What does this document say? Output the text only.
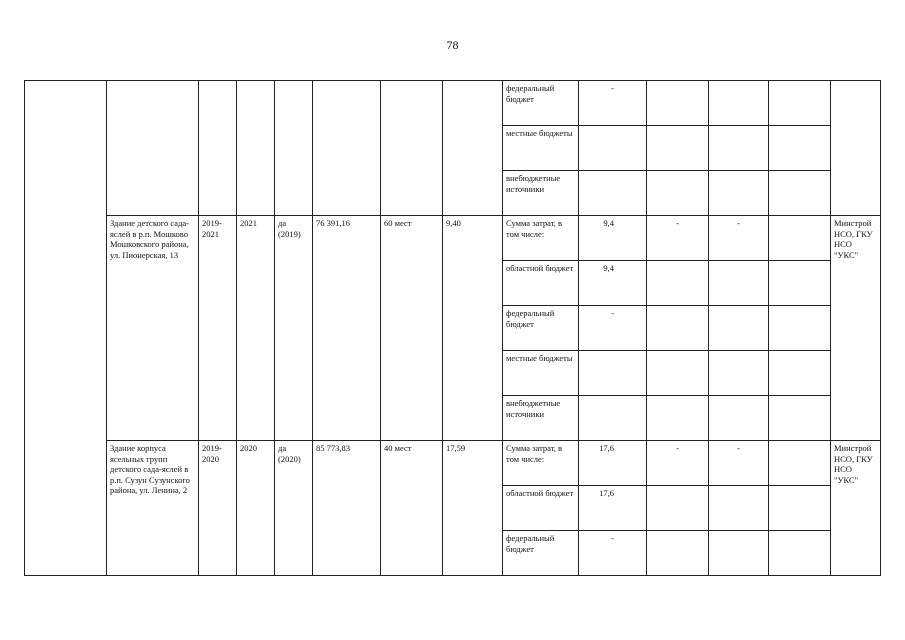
78
								федеральный бюджет	-				
								местные бюджеты					
								внебюджетные источники					
	Здание детского сада-яслей в р.п. Мошково Мошковского района, ул. Пионерская, 13	2019-2021	2021	да (2019)	76 391,16	60 мест	9,40	Сумма затрат, в том числе:	9,4	-	-		Минстрой НСО, ГКУ НСО "УКС"
								областной бюджет	9,4				
								федеральный бюджет	-				
								местные бюджеты					
								внебюджетные источники					
	Здание корпуса ясельных групп детского сада-яслей в р.п. Сузун Сузунского района, ул. Ленина, 2	2019-2020	2020	да (2020)	85 773,83	40 мест	17,59	Сумма затрат, в том числе:	17,6	-	-		Минстрой НСО, ГКУ НСО "УКС"
								областной бюджет	17,6				
								федеральный бюджет	-				
